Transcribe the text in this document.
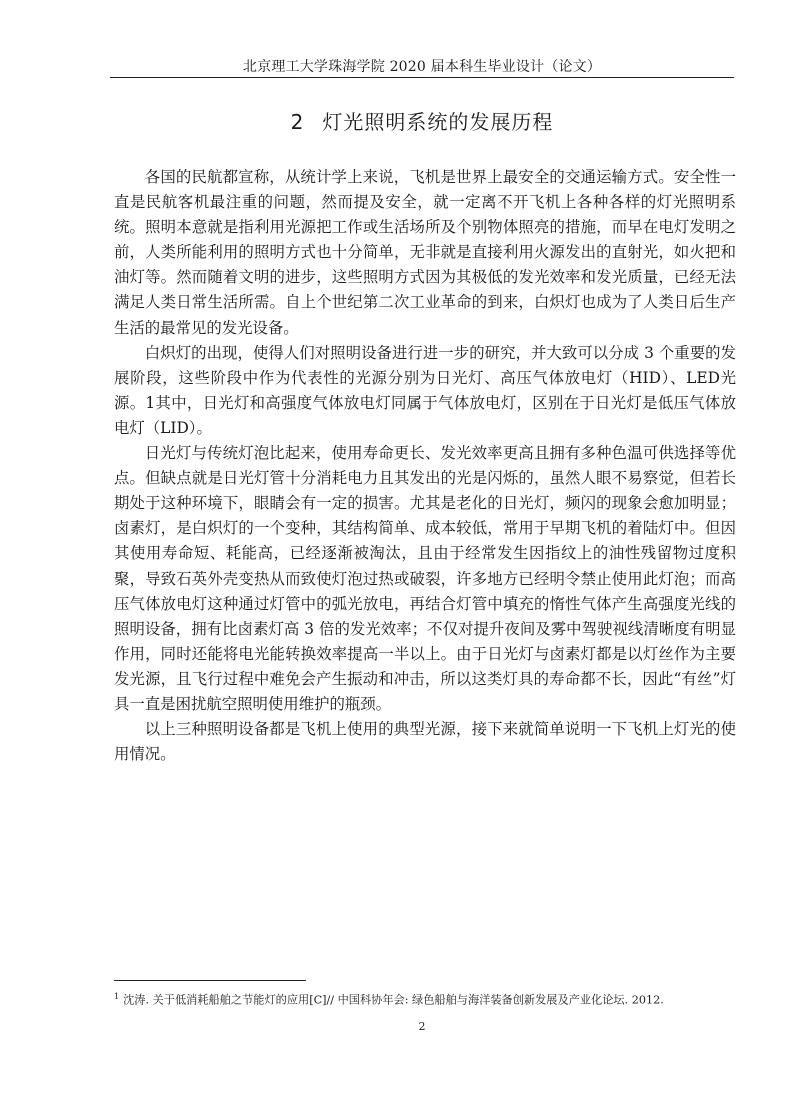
北京理工大学珠海学院 2020 届本科生毕业设计（论文）
2 灯光照明系统的发展历程

各国的民航都宣称，从统计学上来说，飞机是世界上最安全的交通运输方式。安全性一直是民航客机最注重的问题，然而提及安全，就一定离不开飞机上各种各样的灯光照明系统。照明本意就是指利用光源把工作或生活场所及个别物体照亮的措施，而早在电灯发明之前，人类所能利用的照明方式也十分简单，无非就是直接利用火源发出的直射光，如火把和油灯等。然而随着文明的进步，这些照明方式因为其极低的发光效率和发光质量，已经无法满足人类日常生活所需。自上个世纪第二次工业革命的到来，白炽灯也成为了人类日后生产生活的最常见的发光设备。

白炽灯的出现，使得人们对照明设备进行进一步的研究，并大致可以分成 3 个重要的发展阶段，这些阶段中作为代表性的光源分别为日光灯、高压气体放电灯（HID）、LED光源。1其中，日光灯和高强度气体放电灯同属于气体放电灯，区别在于日光灯是低压气体放电灯（LID）。

日光灯与传统灯泡比起来，使用寿命更长、发光效率更高且拥有多种色温可供选择等优点。但缺点就是日光灯管十分消耗电力且其发出的光是闪烁的，虽然人眼不易察觉，但若长期处于这种环境下，眼睛会有一定的损害。尤其是老化的日光灯，频闪的现象会愈加明显；卤素灯，是白炽灯的一个变种，其结构简单、成本较低，常用于早期飞机的着陆灯中。但因其使用寿命短、耗能高，已经逐渐被淘汰，且由于经常发生因指纹上的油性残留物过度积聚，导致石英外壳变热从而致使灯泡过热或破裂，许多地方已经明令禁止使用此灯泡；而高压气体放电灯这种通过灯管中的弧光放电，再结合灯管中填充的惰性气体产生高强度光线的照明设备，拥有比卤素灯高 3 倍的发光效率；不仅对提升夜间及雾中驾驶视线清晰度有明显作用，同时还能将电光能转换效率提高一半以上。由于日光灯与卤素灯都是以灯丝作为主要发光源，且飞行过程中难免会产生振动和冲击，所以这类灯具的寿命都不长，因此“有丝”灯具一直是困扰航空照明使用维护的瓶颈。

以上三种照明设备都是飞机上使用的典型光源，接下来就简单说明一下飞机上灯光的使用情况。

$^1$ 沈涛. 关于低消耗船舶之节能灯的应用[C]// 中国科协年会: 绿色船舶与海洋装备创新发展及产业化论坛. 2012.
2
